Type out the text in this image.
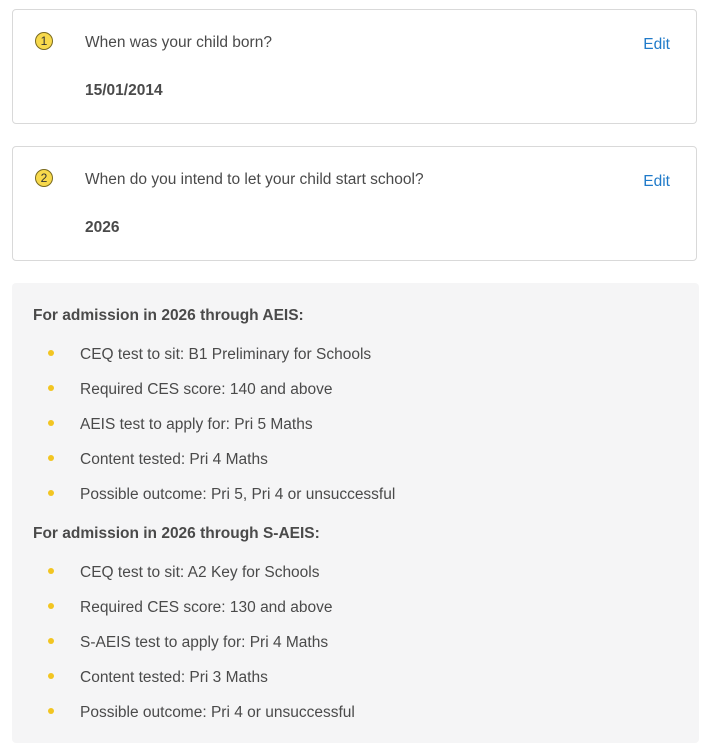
1	When was your child born?	Edit
15/01/2014
2	When do you intend to let your child start school?	Edit
2026
For admission in 2026 through AEIS:
CEQ test to sit: B1 Preliminary for Schools
Required CES score: 140 and above
AEIS test to apply for: Pri 5 Maths
Content tested: Pri 4 Maths
Possible outcome: Pri 5, Pri 4 or unsuccessful
For admission in 2026 through S-AEIS:
CEQ test to sit: A2 Key for Schools
Required CES score: 130 and above
S-AEIS test to apply for: Pri 4 Maths
Content tested: Pri 3 Maths
Possible outcome: Pri 4 or unsuccessful
